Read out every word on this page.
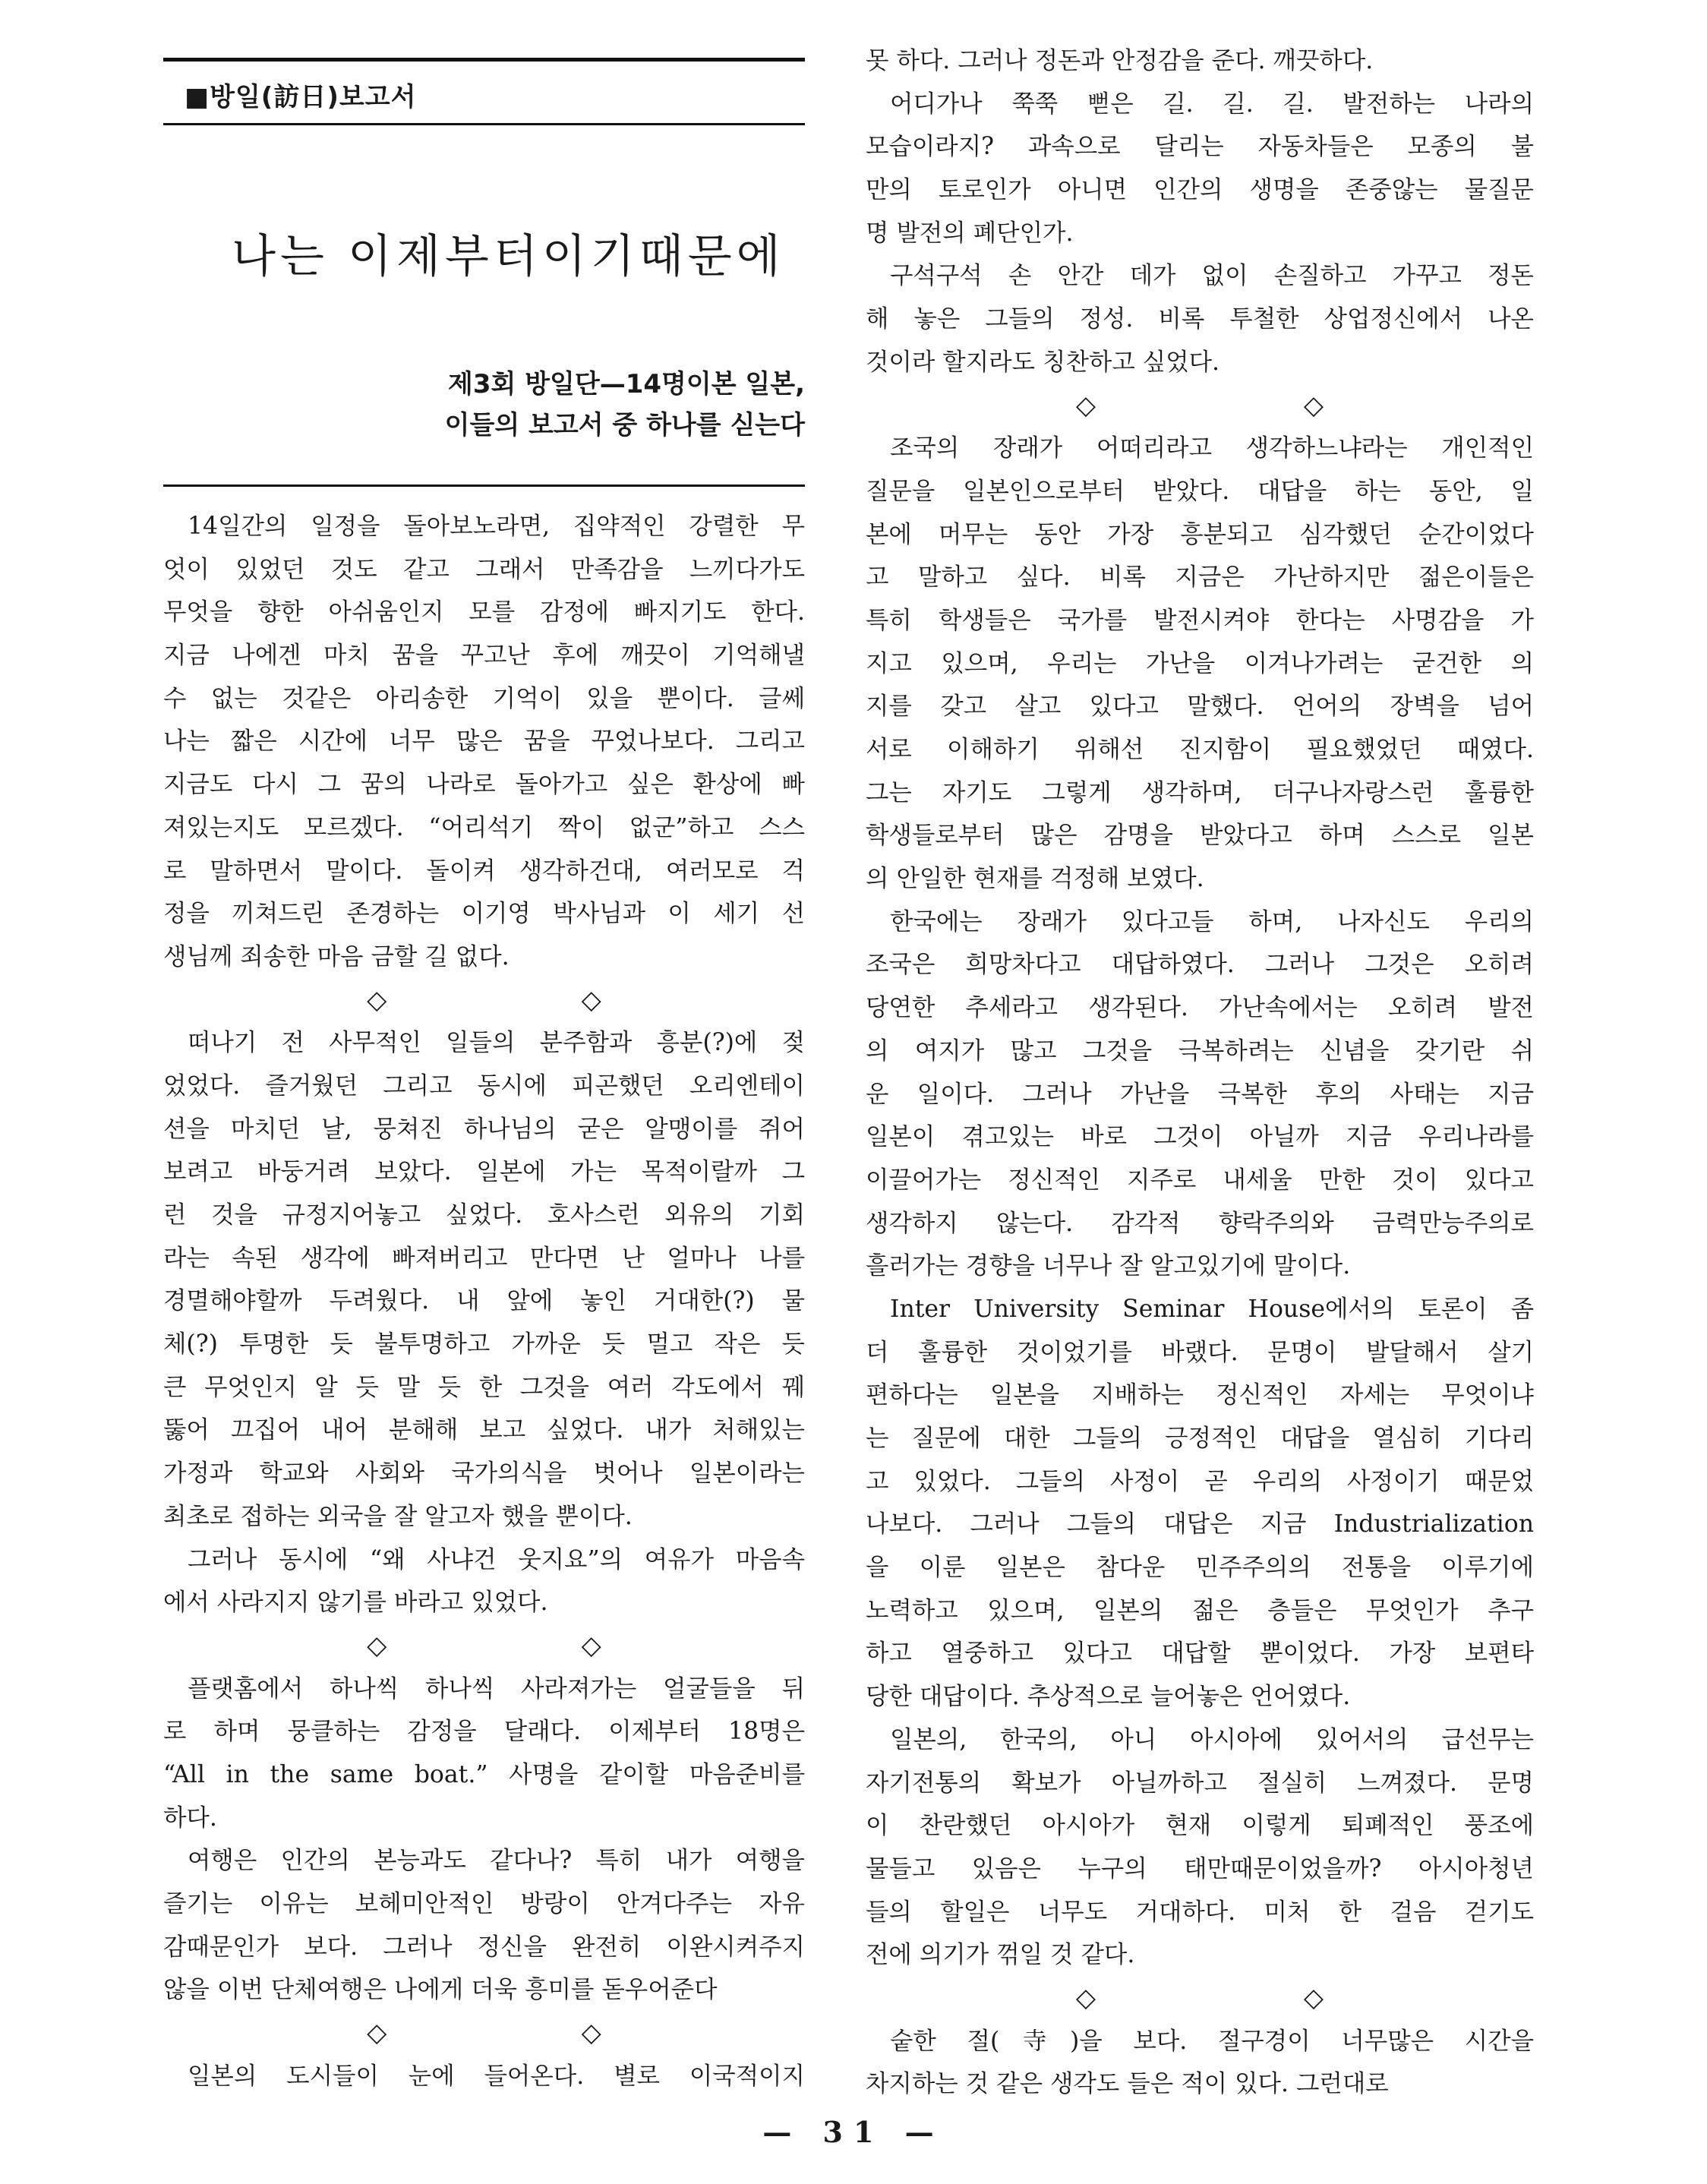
■방일(訪日)보고서
나는 이제부터이기때문에
제3회 방일단—14명이본 일본,
이들의 보고서 중 하나를 싣는다
14일간의 일정을 돌아보노라면, 집약적인 강렬한 무
엇이 있었던 것도 같고 그래서 만족감을 느끼다가도
무엇을 향한 아쉬움인지 모를 감정에 빠지기도 한다.
지금 나에겐 마치 꿈을 꾸고난 후에 깨끗이 기억해낼
수 없는 것같은 아리송한 기억이 있을 뿐이다. 글쎄
나는 짧은 시간에 너무 많은 꿈을 꾸었나보다. 그리고
지금도 다시 그 꿈의 나라로 돌아가고 싶은 환상에 빠
져있는지도 모르겠다. “어리석기 짝이 없군”하고 스스
로 말하면서 말이다. 돌이켜 생각하건대, 여러모로 걱
정을 끼쳐드린 존경하는 이기영 박사님과 이 세기 선
생님께 죄송한 마음 금할 길 없다.
◇	◇
떠나기 전 사무적인 일들의 분주함과 흥분(?)에 젖
었었다. 즐거웠던 그리고 동시에 피곤했던 오리엔테이
션을 마치던 날, 뭉쳐진 하나님의 굳은 알맹이를 쥐어
보려고 바둥거려 보았다. 일본에 가는 목적이랄까 그
런 것을 규정지어놓고 싶었다. 호사스런 외유의 기회
라는 속된 생각에 빠져버리고 만다면 난 얼마나 나를
경멸해야할까 두려웠다. 내 앞에 놓인 거대한(?) 물
체(?) 투명한 듯 불투명하고 가까운 듯 멀고 작은 듯
큰 무엇인지 알 듯 말 듯 한 그것을 여러 각도에서 꿰
뚫어 끄집어 내어 분해해 보고 싶었다. 내가 처해있는
가정과 학교와 사회와 국가의식을 벗어나 일본이라는
최초로 접하는 외국을 잘 알고자 했을 뿐이다.
그러나 동시에 “왜 사냐건 웃지요”의 여유가 마음속
에서 사라지지 않기를 바라고 있었다.
◇	◇
플랫홈에서 하나씩 하나씩 사라져가는 얼굴들을 뒤
로 하며 뭉클하는 감정을 달래다. 이제부터 18명은
“All in the same boat.” 사명을 같이할 마음준비를
하다.
여행은 인간의 본능과도 같다나? 특히 내가 여행을
즐기는 이유는 보헤미안적인 방랑이 안겨다주는 자유
감때문인가 보다. 그러나 정신을 완전히 이완시켜주지
않을 이번 단체여행은 나에게 더욱 흥미를 돋우어준다
◇	◇
일본의 도시들이 눈에 들어온다. 별로 이국적이지
못 하다. 그러나 정돈과 안정감을 준다. 깨끗하다.
어디가나 쭉쭉 뻗은 길. 길. 길. 발전하는 나라의
모습이라지? 과속으로 달리는 자동차들은 모종의 불
만의 토로인가 아니면 인간의 생명을 존중않는 물질문
명 발전의 폐단인가.
구석구석 손 안간 데가 없이 손질하고 가꾸고 정돈
해 놓은 그들의 정성. 비록 투철한 상업정신에서 나온
것이라 할지라도 칭찬하고 싶었다.
◇	◇
조국의 장래가 어떠리라고 생각하느냐라는 개인적인
질문을 일본인으로부터 받았다. 대답을 하는 동안, 일
본에 머무는 동안 가장 흥분되고 심각했던 순간이었다
고 말하고 싶다. 비록 지금은 가난하지만 젊은이들은
특히 학생들은 국가를 발전시켜야 한다는 사명감을 가
지고 있으며, 우리는 가난을 이겨나가려는 굳건한 의
지를 갖고 살고 있다고 말했다. 언어의 장벽을 넘어
서로 이해하기 위해선 진지함이 필요했었던 때였다.
그는 자기도 그렇게 생각하며, 더구나자랑스런 훌륭한
학생들로부터 많은 감명을 받았다고 하며 스스로 일본
의 안일한 현재를 걱정해 보였다.
한국에는 장래가 있다고들 하며, 나자신도 우리의
조국은 희망차다고 대답하였다. 그러나 그것은 오히려
당연한 추세라고 생각된다. 가난속에서는 오히려 발전
의 여지가 많고 그것을 극복하려는 신념을 갖기란 쉬
운 일이다. 그러나 가난을 극복한 후의 사태는 지금
일본이 겪고있는 바로 그것이 아닐까 지금 우리나라를
이끌어가는 정신적인 지주로 내세울 만한 것이 있다고
생각하지 않는다. 감각적 향락주의와 금력만능주의로
흘러가는 경향을 너무나 잘 알고있기에 말이다.
Inter University Seminar House에서의 토론이 좀
더 훌륭한 것이었기를 바랬다. 문명이 발달해서 살기
편하다는 일본을 지배하는 정신적인 자세는 무엇이냐
는 질문에 대한 그들의 긍정적인 대답을 열심히 기다리
고 있었다. 그들의 사정이 곧 우리의 사정이기 때문었
나보다. 그러나 그들의 대답은 지금 Industrialization
을 이룬 일본은 참다운 민주주의의 전통을 이루기에
노력하고 있으며, 일본의 젊은 층들은 무엇인가 추구
하고 열중하고 있다고 대답할 뿐이었다. 가장 보편타
당한 대답이다. 추상적으로 늘어놓은 언어였다.
일본의, 한국의, 아니 아시아에 있어서의 급선무는
자기전통의 확보가 아닐까하고 절실히 느껴졌다. 문명
이 찬란했던 아시아가 현재 이렇게 퇴폐적인 풍조에
물들고 있음은 누구의 태만때문이었을까? 아시아청년
들의 할일은 너무도 거대하다. 미처 한 걸음 걷기도
전에 의기가 꺾일 것 같다.
◇	◇
숱한 절(寺)을 보다. 절구경이 너무많은 시간을
차지하는 것 같은 생각도 들은 적이 있다. 그런대로
— 31 —
